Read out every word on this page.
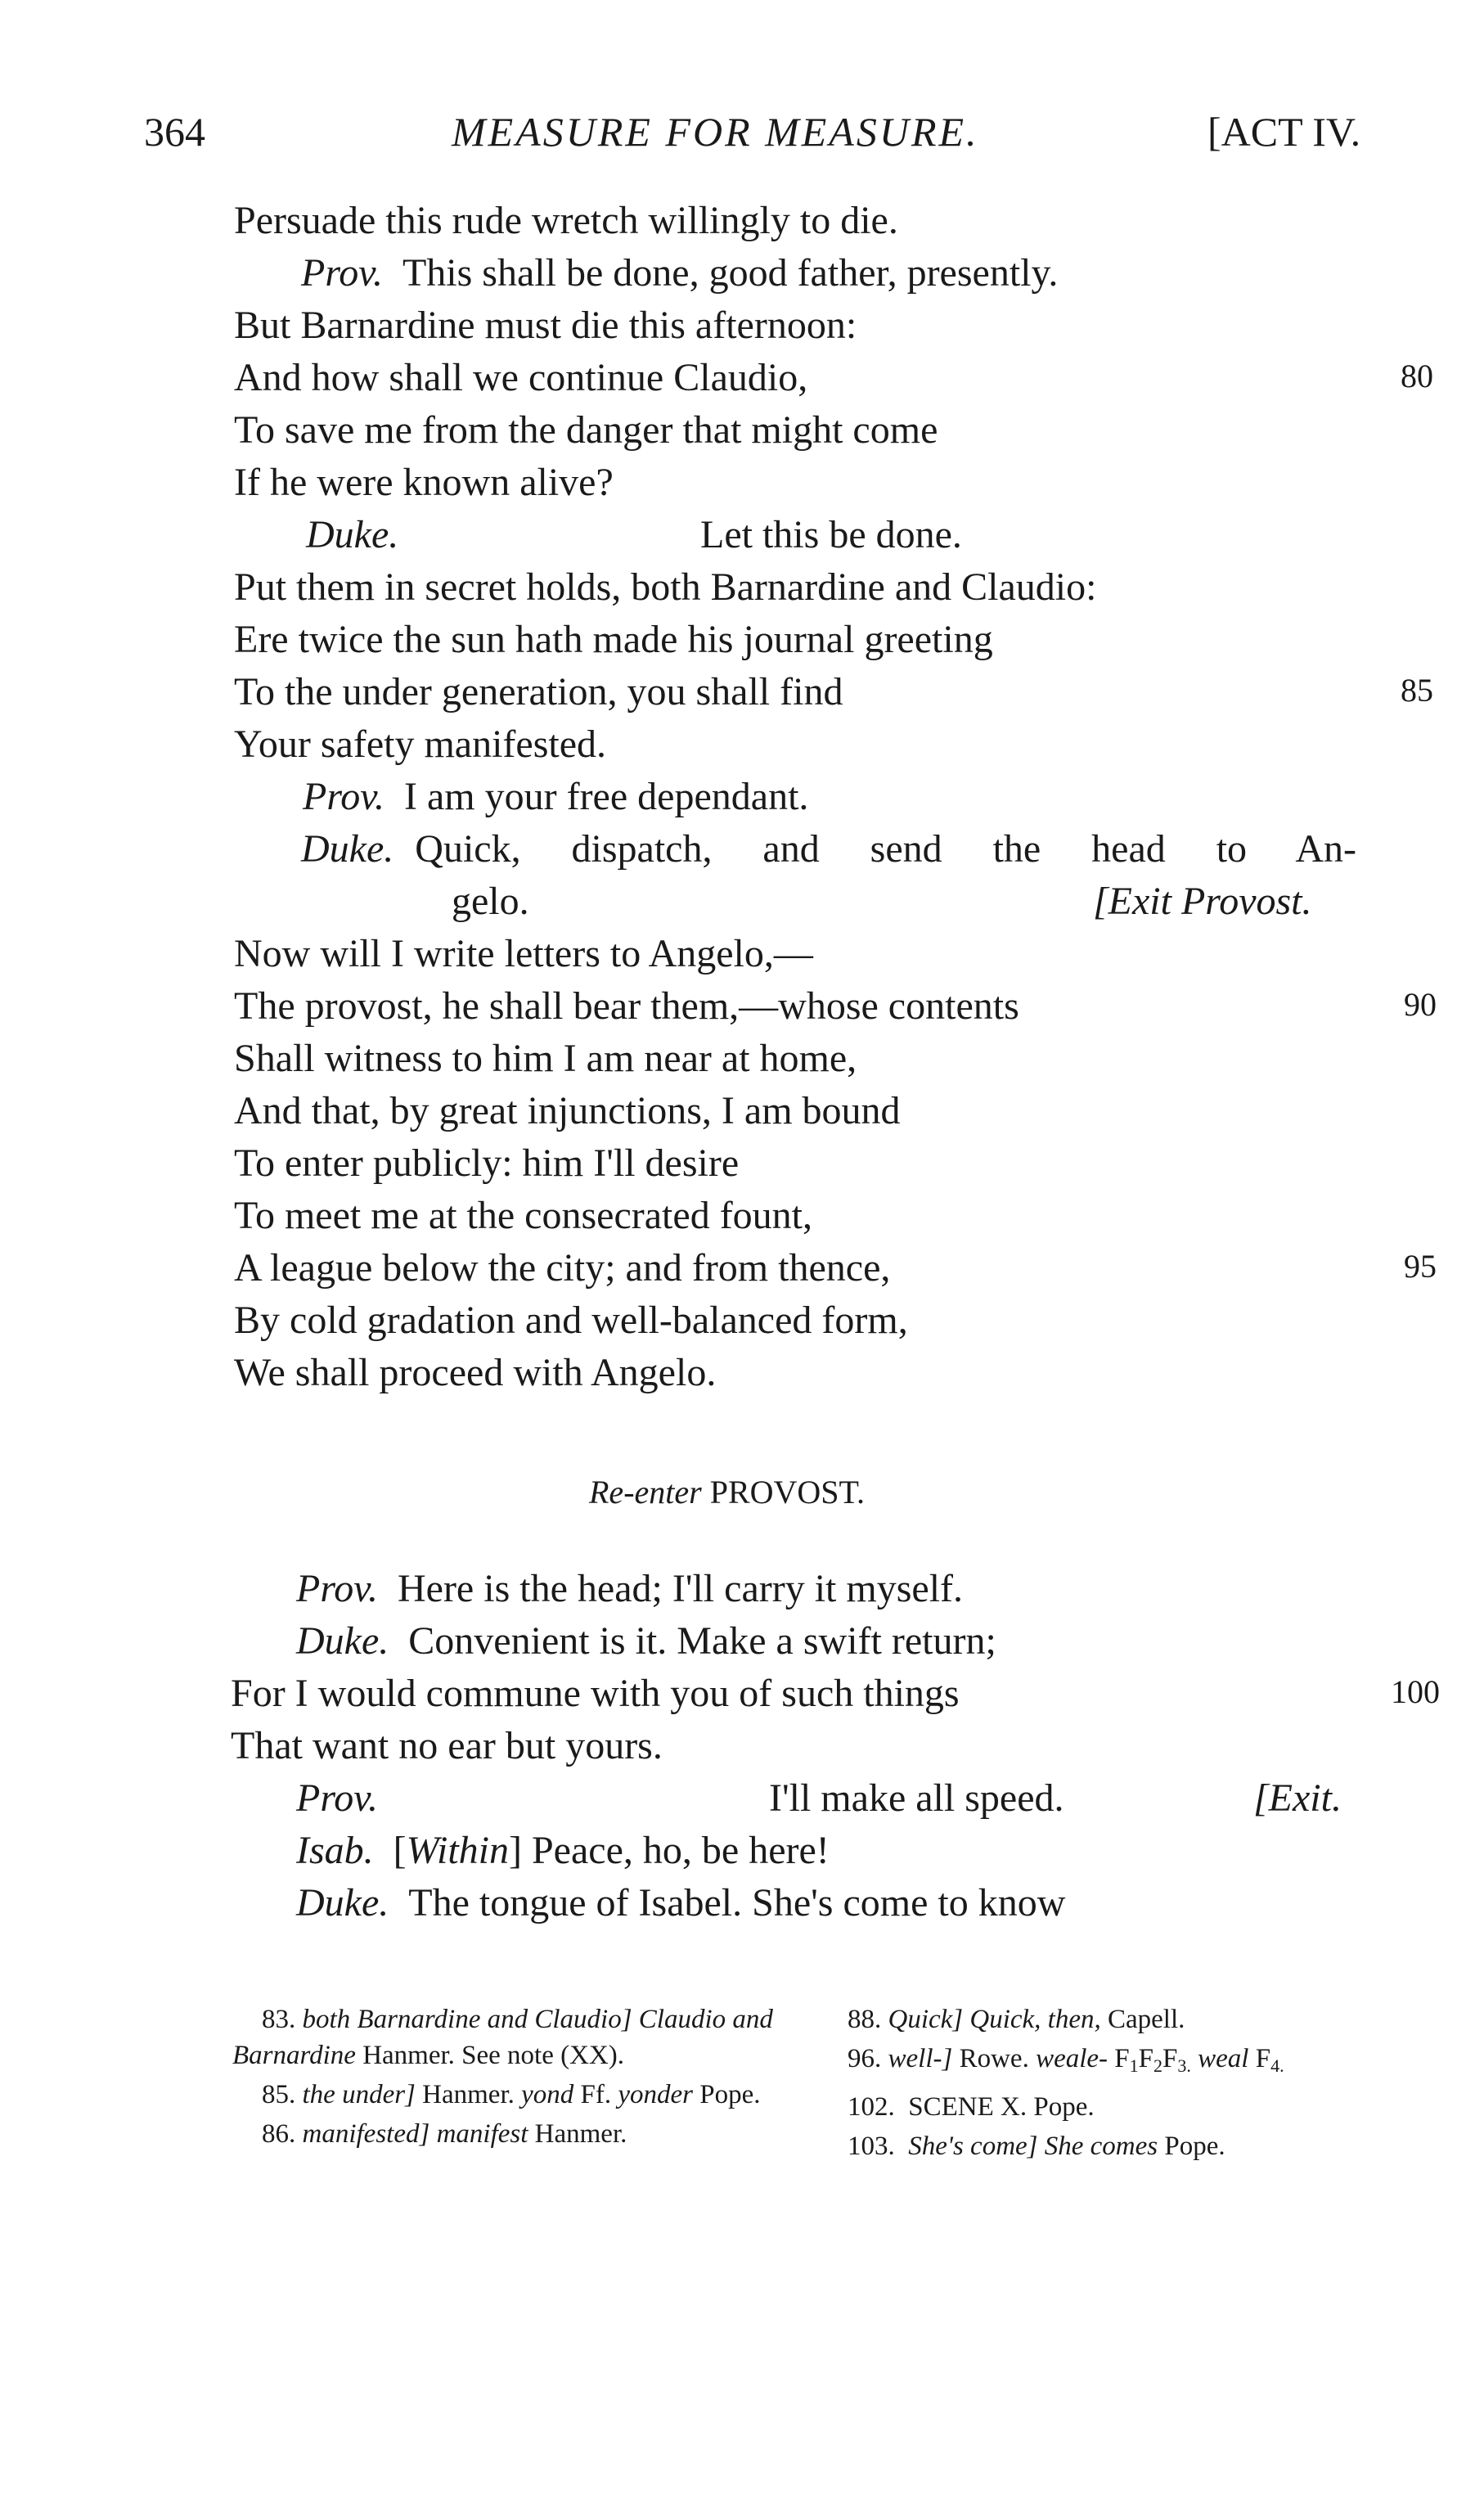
364	MEASURE FOR MEASURE.	[ACT IV.
Persuade this rude wretch willingly to die.
Prov. This shall be done, good father, presently.
But Barnardine must die this afternoon:
And how shall we continue Claudio,	80
To save me from the danger that might come
If he were known alive?
Duke.	Let this be done.
Put them in secret holds, both Barnardine and Claudio:
Ere twice the sun hath made his journal greeting
To the under generation, you shall find	85
Your safety manifested.
Prov. I am your free dependant.
Duke. Quick, dispatch, and send the head to An-
gelo.	[Exit Provost.
Now will I write letters to Angelo,—
The provost, he shall bear them,—whose contents	90
Shall witness to him I am near at home,
And that, by great injunctions, I am bound
To enter publicly: him I'll desire
To meet me at the consecrated fount,
A league below the city; and from thence,	95
By cold gradation and well-balanced form,
We shall proceed with Angelo.
Re-enter PROVOST.
Prov. Here is the head; I'll carry it myself.
Duke. Convenient is it. Make a swift return;
For I would commune with you of such things	100
That want no ear but yours.
Prov.	I'll make all speed.	[Exit.
Isab.  [Within] Peace, ho, be here!
Duke. The tongue of Isabel. She's come to know
83. both Barnardine and Claudio] Claudio and Barnardine Hanmer. See note (XX).
85. the under] Hanmer. yond Ff. yonder Pope.
86. manifested] manifest Hanmer.
88. Quick] Quick, then, Capell.
96. well-] Rowe. weale- $F_1F_2F_{3.}$ weal $F_{4.}$
102. SCENE X. Pope.
103. She's come] She comes Pope.
